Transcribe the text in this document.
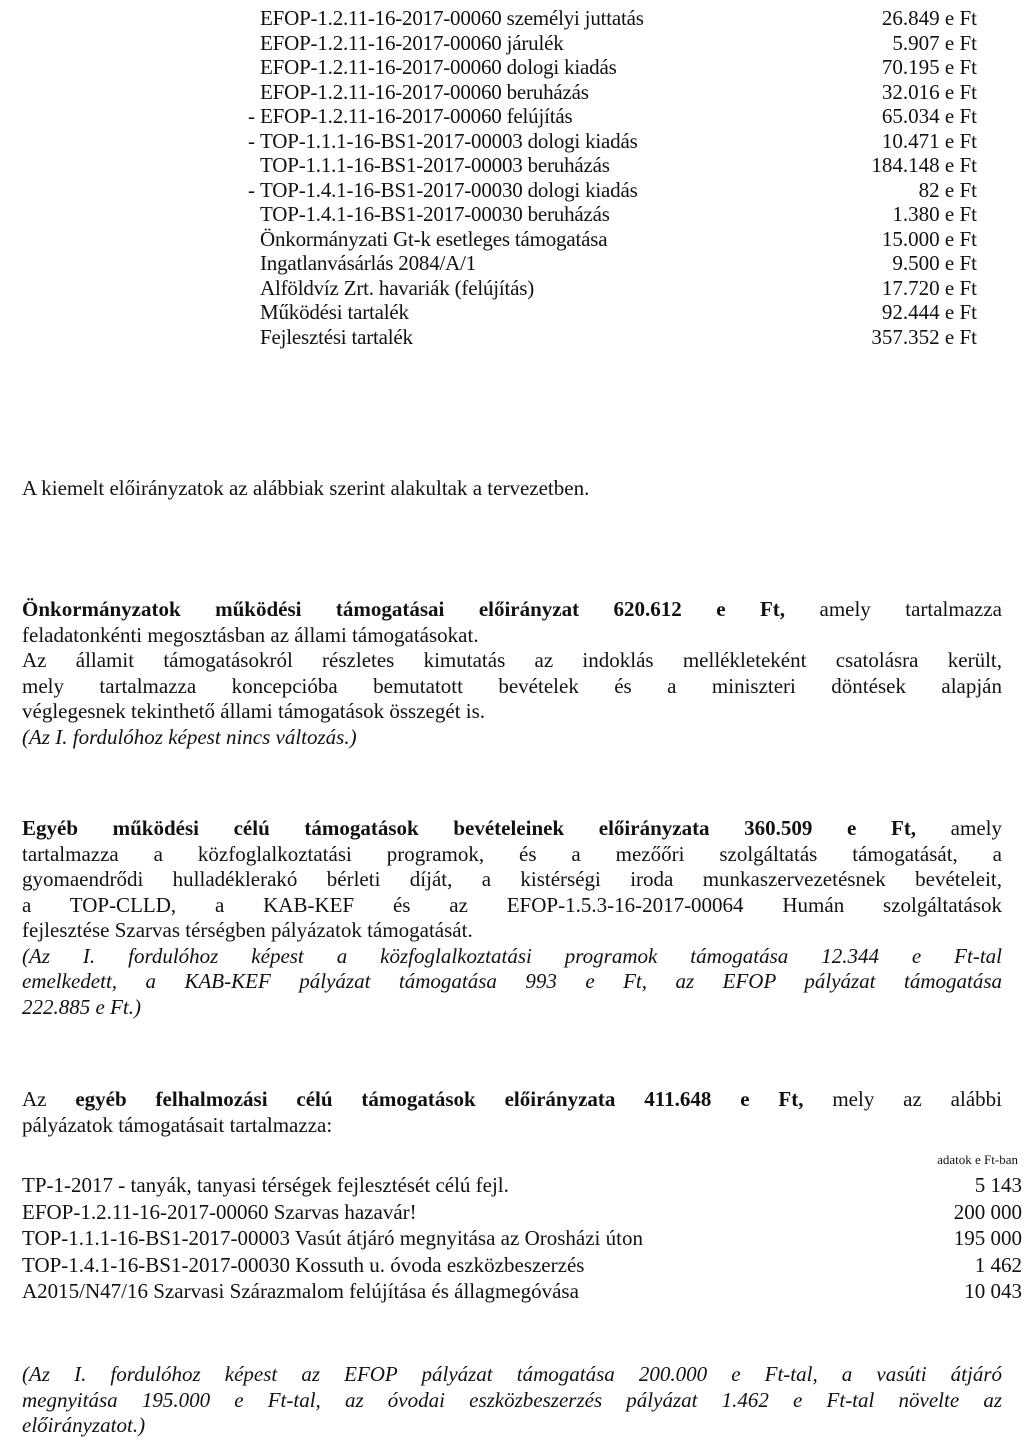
EFOP-1.2.11-16-2017-00060 személyi juttatás	26.849 e Ft
EFOP-1.2.11-16-2017-00060 járulék	5.907 e Ft
EFOP-1.2.11-16-2017-00060 dologi kiadás	70.195 e Ft
EFOP-1.2.11-16-2017-00060 beruházás	32.016 e Ft
- EFOP-1.2.11-16-2017-00060 felújítás	65.034 e Ft
- TOP-1.1.1-16-BS1-2017-00003 dologi kiadás	10.471 e Ft
TOP-1.1.1-16-BS1-2017-00003 beruházás	184.148 e Ft
- TOP-1.4.1-16-BS1-2017-00030 dologi kiadás	82 e Ft
TOP-1.4.1-16-BS1-2017-00030 beruházás	1.380 e Ft
Önkormányzati Gt-k esetleges támogatása	15.000 e Ft
Ingatlanvásárlás 2084/A/1	9.500 e Ft
Alföldvíz Zrt. havariák (felújítás)	17.720 e Ft
Működési tartalék	92.444 e Ft
Fejlesztési tartalék	357.352 e Ft
A kiemelt előirányzatok az alábbiak szerint alakultak a tervezetben.
Önkormányzatok működési támogatásai előirányzat 620.612 e Ft, amely tartalmazza
feladatonkénti megosztásban az állami támogatásokat.
Az államit támogatásokról részletes kimutatás az indoklás mellékleteként csatolásra került,
mely tartalmazza koncepcióba bemutatott bevételek és a miniszteri döntések alapján
véglegesnek tekinthető állami támogatások összegét is.
(Az I. fordulóhoz képest nincs változás.)
Egyéb működési célú támogatások bevételeinek előirányzata 360.509 e Ft, amely
tartalmazza a közfoglalkoztatási programok, és a mezőőri szolgáltatás támogatását, a
gyomaendrődi hulladéklerakó bérleti díját, a kistérségi iroda munkaszervezetésnek bevételeit,
a TOP-CLLD, a KAB-KEF és az EFOP-1.5.3-16-2017-00064 Humán szolgáltatások
fejlesztése Szarvas térségben pályázatok támogatását.
(Az I. fordulóhoz képest a közfoglalkoztatási programok támogatása 12.344 e Ft-tal
emelkedett, a KAB-KEF pályázat támogatása 993 e Ft, az EFOP pályázat támogatása
222.885 e Ft.)
Az egyéb felhalmozási célú támogatások előirányzata 411.648 e Ft, mely az alábbi
pályázatok támogatásait tartalmazza:
adatok e Ft-ban
TP-1-2017 - tanyák, tanyasi térségek fejlesztését célú fejl.	5 143
EFOP-1.2.11-16-2017-00060 Szarvas hazavár!	200 000
TOP-1.1.1-16-BS1-2017-00003 Vasút átjáró megnyitása az Orosházi úton	195 000
TOP-1.4.1-16-BS1-2017-00030 Kossuth u. óvoda eszközbeszerzés	1 462
A2015/N47/16 Szarvasi Szárazmalom felújítása és állagmegóvása	10 043
(Az I. fordulóhoz képest az EFOP pályázat támogatása 200.000 e Ft-tal, a vasúti átjáró
megnyitása 195.000 e Ft-tal, az óvodai eszközbeszerzés pályázat 1.462 e Ft-tal növelte az
előirányzatot.)
